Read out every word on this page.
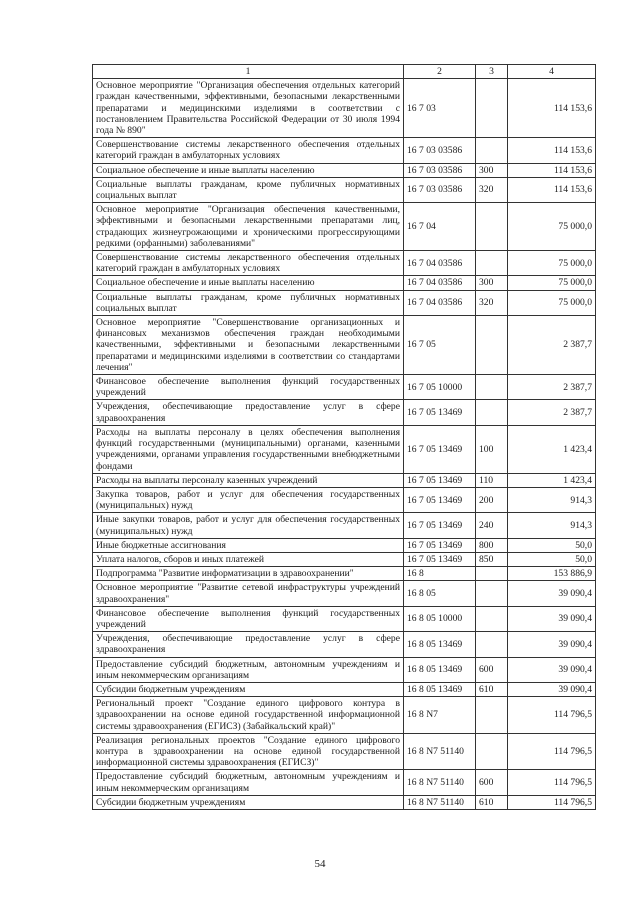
1	2	3	4
Основное мероприятие "Организация обеспечения отдельных категорий граждан качественными, эффективными, безопасными лекарственными препаратами и медицинскими изделиями в соответствии с постановлением Правительства Российской Федерации от 30 июля 1994 года № 890"	16 7 03		114 153,6
Совершенствование системы лекарственного обеспечения отдельных категорий граждан в амбулаторных условиях	16 7 03 03586		114 153,6
Социальное обеспечение и иные выплаты населению	16 7 03 03586	300	114 153,6
Социальные выплаты гражданам, кроме публичных нормативных социальных выплат	16 7 03 03586	320	114 153,6
Основное мероприятие "Организация обеспечения качественными, эффективными и безопасными лекарственными препаратами лиц, страдающих жизнеугрожающими и хроническими прогрессирующими редкими (орфанными) заболеваниями"	16 7 04		75 000,0
Совершенствование системы лекарственного обеспечения отдельных категорий граждан в амбулаторных условиях	16 7 04 03586		75 000,0
Социальное обеспечение и иные выплаты населению	16 7 04 03586	300	75 000,0
Социальные выплаты гражданам, кроме публичных нормативных социальных выплат	16 7 04 03586	320	75 000,0
Основное мероприятие "Совершенствование организационных и финансовых механизмов обеспечения граждан необходимыми качественными, эффективными и безопасными лекарственными препаратами и медицинскими изделиями в соответствии со стандартами лечения"	16 7 05		2 387,7
Финансовое обеспечение выполнения функций государственных учреждений	16 7 05 10000		2 387,7
Учреждения, обеспечивающие предоставление услуг в сфере здравоохранения	16 7 05 13469		2 387,7
Расходы на выплаты персоналу в целях обеспечения выполнения функций государственными (муниципальными) органами, казенными учреждениями, органами управления государственными внебюджетными фондами	16 7 05 13469	100	1 423,4
Расходы на выплаты персоналу казенных учреждений	16 7 05 13469	110	1 423,4
Закупка товаров, работ и услуг для обеспечения государственных (муниципальных) нужд	16 7 05 13469	200	914,3
Иные закупки товаров, работ и услуг для обеспечения государственных (муниципальных) нужд	16 7 05 13469	240	914,3
Иные бюджетные ассигнования	16 7 05 13469	800	50,0
Уплата налогов, сборов и иных платежей	16 7 05 13469	850	50,0
Подпрограмма "Развитие информатизации в здравоохранении"	16 8		153 886,9
Основное мероприятие "Развитие сетевой инфраструктуры учреждений здравоохранения"	16 8 05		39 090,4
Финансовое обеспечение выполнения функций государственных учреждений	16 8 05 10000		39 090,4
Учреждения, обеспечивающие предоставление услуг в сфере здравоохранения	16 8 05 13469		39 090,4
Предоставление субсидий бюджетным, автономным учреждениям и иным некоммерческим организациям	16 8 05 13469	600	39 090,4
Субсидии бюджетным учреждениям	16 8 05 13469	610	39 090,4
Региональный проект "Создание единого цифрового контура в здравоохранении на основе единой государственной информационной системы здравоохранения (ЕГИСЗ) (Забайкальский край)"	16 8 N7		114 796,5
Реализация региональных проектов "Создание единого цифрового контура в здравоохранении на основе единой государственной информационной системы здравоохранения (ЕГИСЗ)"	16 8 N7 51140		114 796,5
Предоставление субсидий бюджетным, автономным учреждениям и иным некоммерческим организациям	16 8 N7 51140	600	114 796,5
Субсидии бюджетным учреждениям	16 8 N7 51140	610	114 796,5
54
